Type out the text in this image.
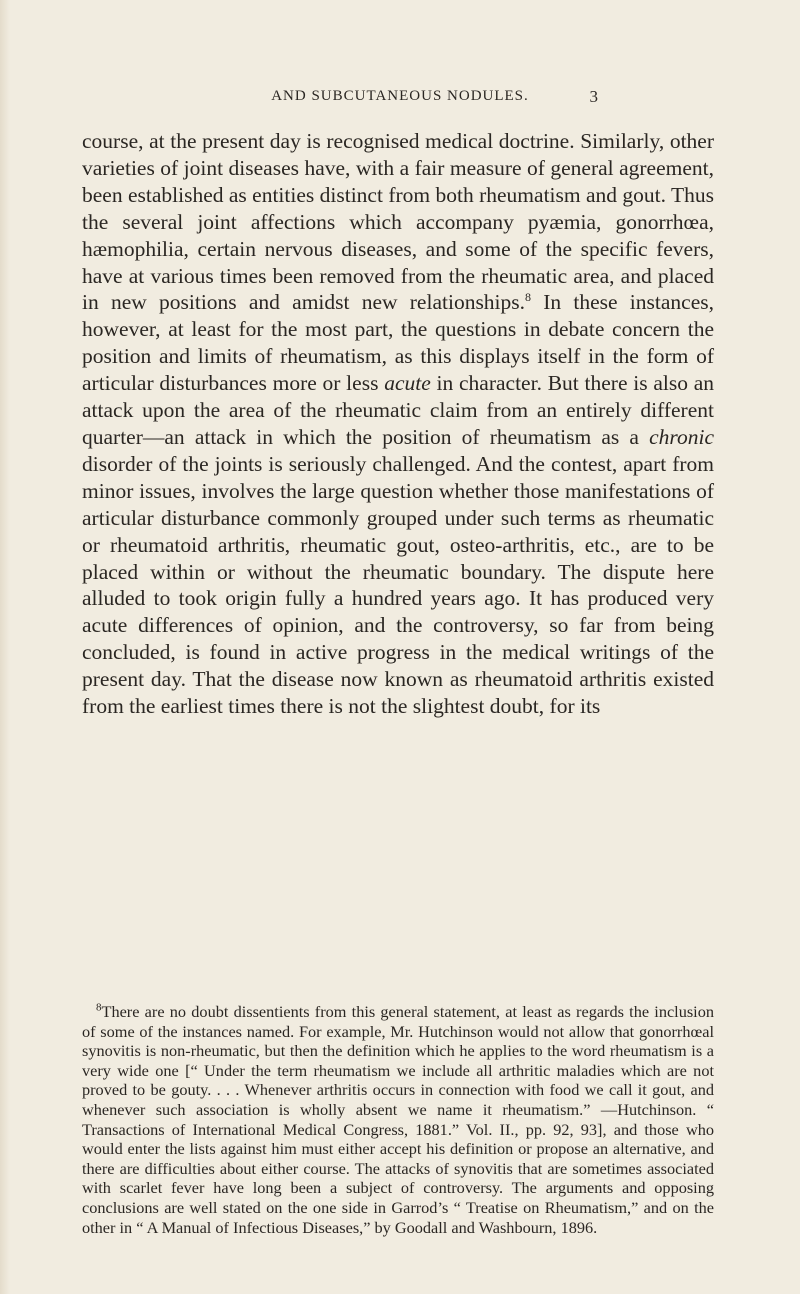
AND SUBCUTANEOUS NODULES.	3

course, at the present day is recognised medical doctrine. Similarly, other varieties of joint diseases have, with a fair measure of general agreement, been established as entities distinct from both rheumatism and gout. Thus the several joint affections which accompany pyæmia, gonorrhœa, hæmophilia, certain nervous diseases, and some of the specific fevers, have at various times been removed from the rheumatic area, and placed in new positions and amidst new relationships.$^8$ In these instances, however, at least for the most part, the questions in debate concern the position and limits of rheumatism, as this displays itself in the form of articular disturbances more or less acute in character. But there is also an attack upon the area of the rheumatic claim from an entirely different quarter—an attack in which the position of rheumatism as a chronic disorder of the joints is seriously challenged. And the contest, apart from minor issues, involves the large question whether those manifestations of articular disturbance commonly grouped under such terms as rheumatic or rheumatoid arthritis, rheumatic gout, osteo-arthritis, etc., are to be placed within or without the rheumatic boundary. The dispute here alluded to took origin fully a hundred years ago. It has produced very acute differences of opinion, and the controversy, so far from being concluded, is found in active progress in the medical writings of the present day. That the disease now known as rheumatoid arthritis existed from the earliest times there is not the slightest doubt, for its

$^8$There are no doubt dissentients from this general statement, at least as regards the inclusion of some of the instances named. For example, Mr. Hutchinson would not allow that gonorrhœal synovitis is non-rheumatic, but then the definition which he applies to the word rheumatism is a very wide one [“ Under the term rheumatism we include all arthritic maladies which are not proved to be gouty. . . . Whenever arthritis occurs in connection with food we call it gout, and whenever such association is wholly absent we name it rheumatism.” —Hutchinson. “ Transactions of International Medical Congress, 1881.” Vol. II., pp. 92, 93], and those who would enter the lists against him must either accept his definition or propose an alternative, and there are difficulties about either course. The attacks of synovitis that are sometimes associated with scarlet fever have long been a subject of controversy. The arguments and opposing conclusions are well stated on the one side in Garrod’s “ Treatise on Rheumatism,” and on the other in “ A Manual of Infectious Diseases,” by Goodall and Washbourn, 1896.
